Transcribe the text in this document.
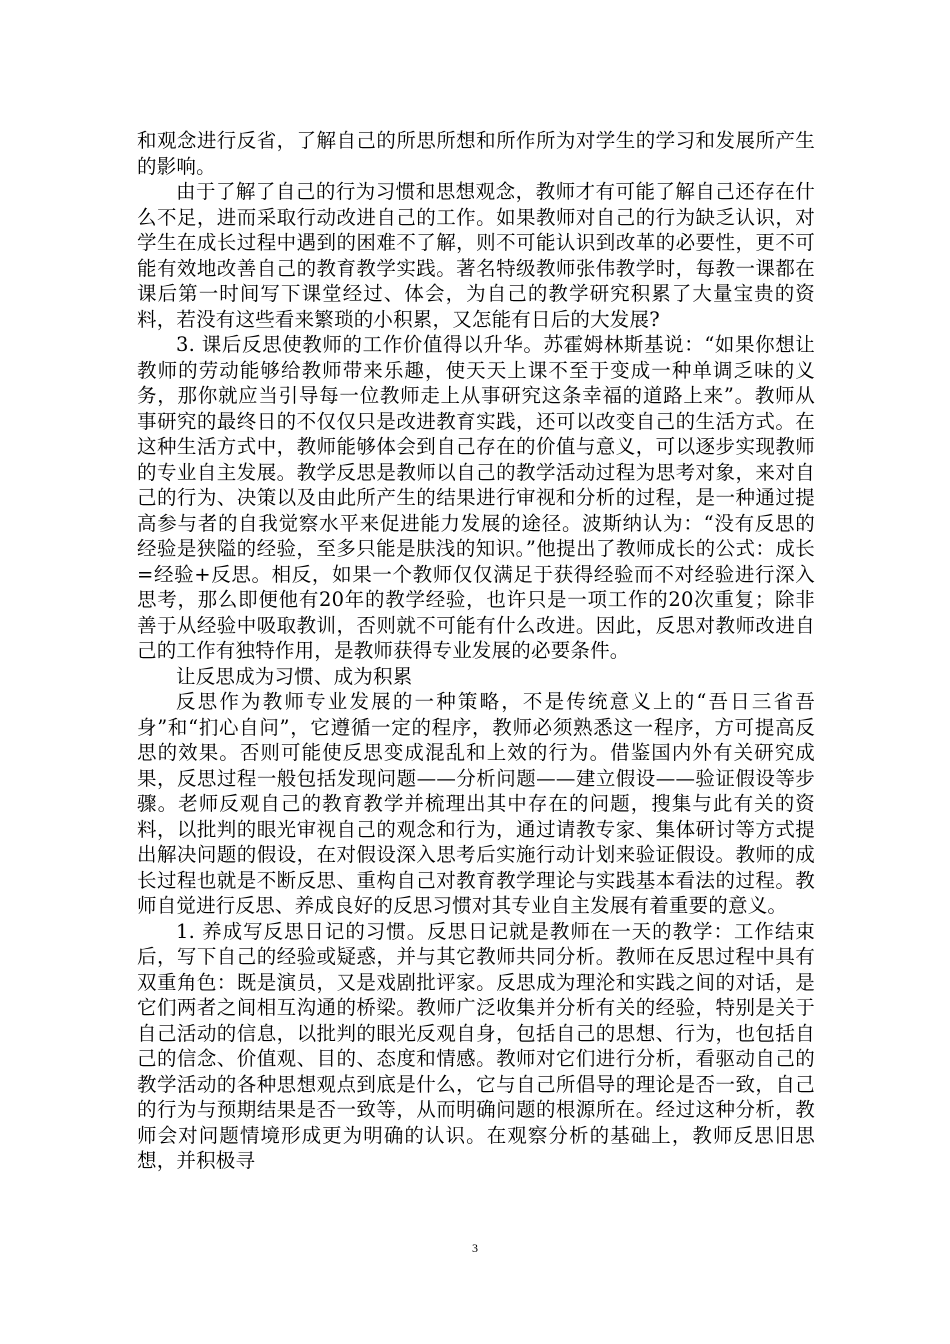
和观念进行反省，了解自己的所思所想和所作所为对学生的学习和发展所产生的影响。

由于了解了自己的行为习惯和思想观念，教师才有可能了解自己还存在什么不足，进而采取行动改进自己的工作。如果教师对自己的行为缺乏认识，对学生在成长过程中遇到的困难不了解，则不可能认识到改革的必要性，更不可能有效地改善自己的教育教学实践。著名特级教师张伟教学时，每教一课都在课后第一时间写下课堂经过、体会，为自己的教学研究积累了大量宝贵的资料，若没有这些看来繁琐的小积累，又怎能有日后的大发展?

3. 课后反思使教师的工作价值得以升华。苏霍姆林斯基说：“如果你想让教师的劳动能够给教师带来乐趣，使天天上课不至于变成一种单调乏味的义务，那你就应当引导每一位教师走上从事研究这条幸福的道路上来”。教师从事研究的最终日的不仅仅只是改进教育实践，还可以改变自己的生活方式。在这种生活方式中，教师能够体会到自己存在的价值与意义，可以逐步实现教师的专业自主发展。教学反思是教师以自己的教学活动过程为思考对象，来对自己的行为、决策以及由此所产生的结果进行审视和分析的过程，是一种通过提高参与者的自我觉察水平来促进能力发展的途径。波斯纳认为：“没有反思的经验是狭隘的经验，至多只能是肤浅的知识。”他提出了教师成长的公式：成长=经验+反思。相反，如果一个教师仅仅满足于获得经验而不对经验进行深入思考，那么即便他有20年的教学经验，也许只是一项工作的20次重复；除非善于从经验中吸取教训，否则就不可能有什么改进。因此，反思对教师改进自己的工作有独特作用，是教师获得专业发展的必要条件。

让反思成为习惯、成为积累

反思作为教师专业发展的一种策略，不是传统意义上的“吾日三省吾身”和“扪心自问”，它遵循一定的程序，教师必须熟悉这一程序，方可提高反思的效果。否则可能使反思变成混乱和上效的行为。借鉴国内外有关研究成果，反思过程一般包括发现问题——分析问题——建立假设——验证假设等步骤。老师反观自己的教育教学并梳理出其中存在的问题，搜集与此有关的资料，以批判的眼光审视自己的观念和行为，通过请教专家、集体研讨等方式提出解决问题的假设，在对假设深入思考后实施行动计划来验证假设。教师的成长过程也就是不断反思、重构自己对教育教学理论与实践基本看法的过程。教师自觉进行反思、养成良好的反思习惯对其专业自主发展有着重要的意义。

1. 养成写反思日记的习惯。反思日记就是教师在一天的教学：工作结束后，写下自己的经验或疑惑，并与其它教师共同分析。教师在反思过程中具有双重角色：既是演员，又是戏剧批评家。反思成为理沦和实践之间的对话，是它们两者之间相互沟通的桥梁。教师广泛收集并分析有关的经验，特别是关于自己活动的信息，以批判的眼光反观自身，包括自己的思想、行为，也包括自己的信念、价值观、目的、态度和情感。教师对它们进行分析，看驱动自己的教学活动的各种思想观点到底是什么，它与自己所倡导的理论是否一致，自己的行为与预期结果是否一致等，从而明确问题的根源所在。经过这种分析，教师会对问题情境形成更为明确的认识。在观察分析的基础上，教师反思旧思想，并积极寻

3
